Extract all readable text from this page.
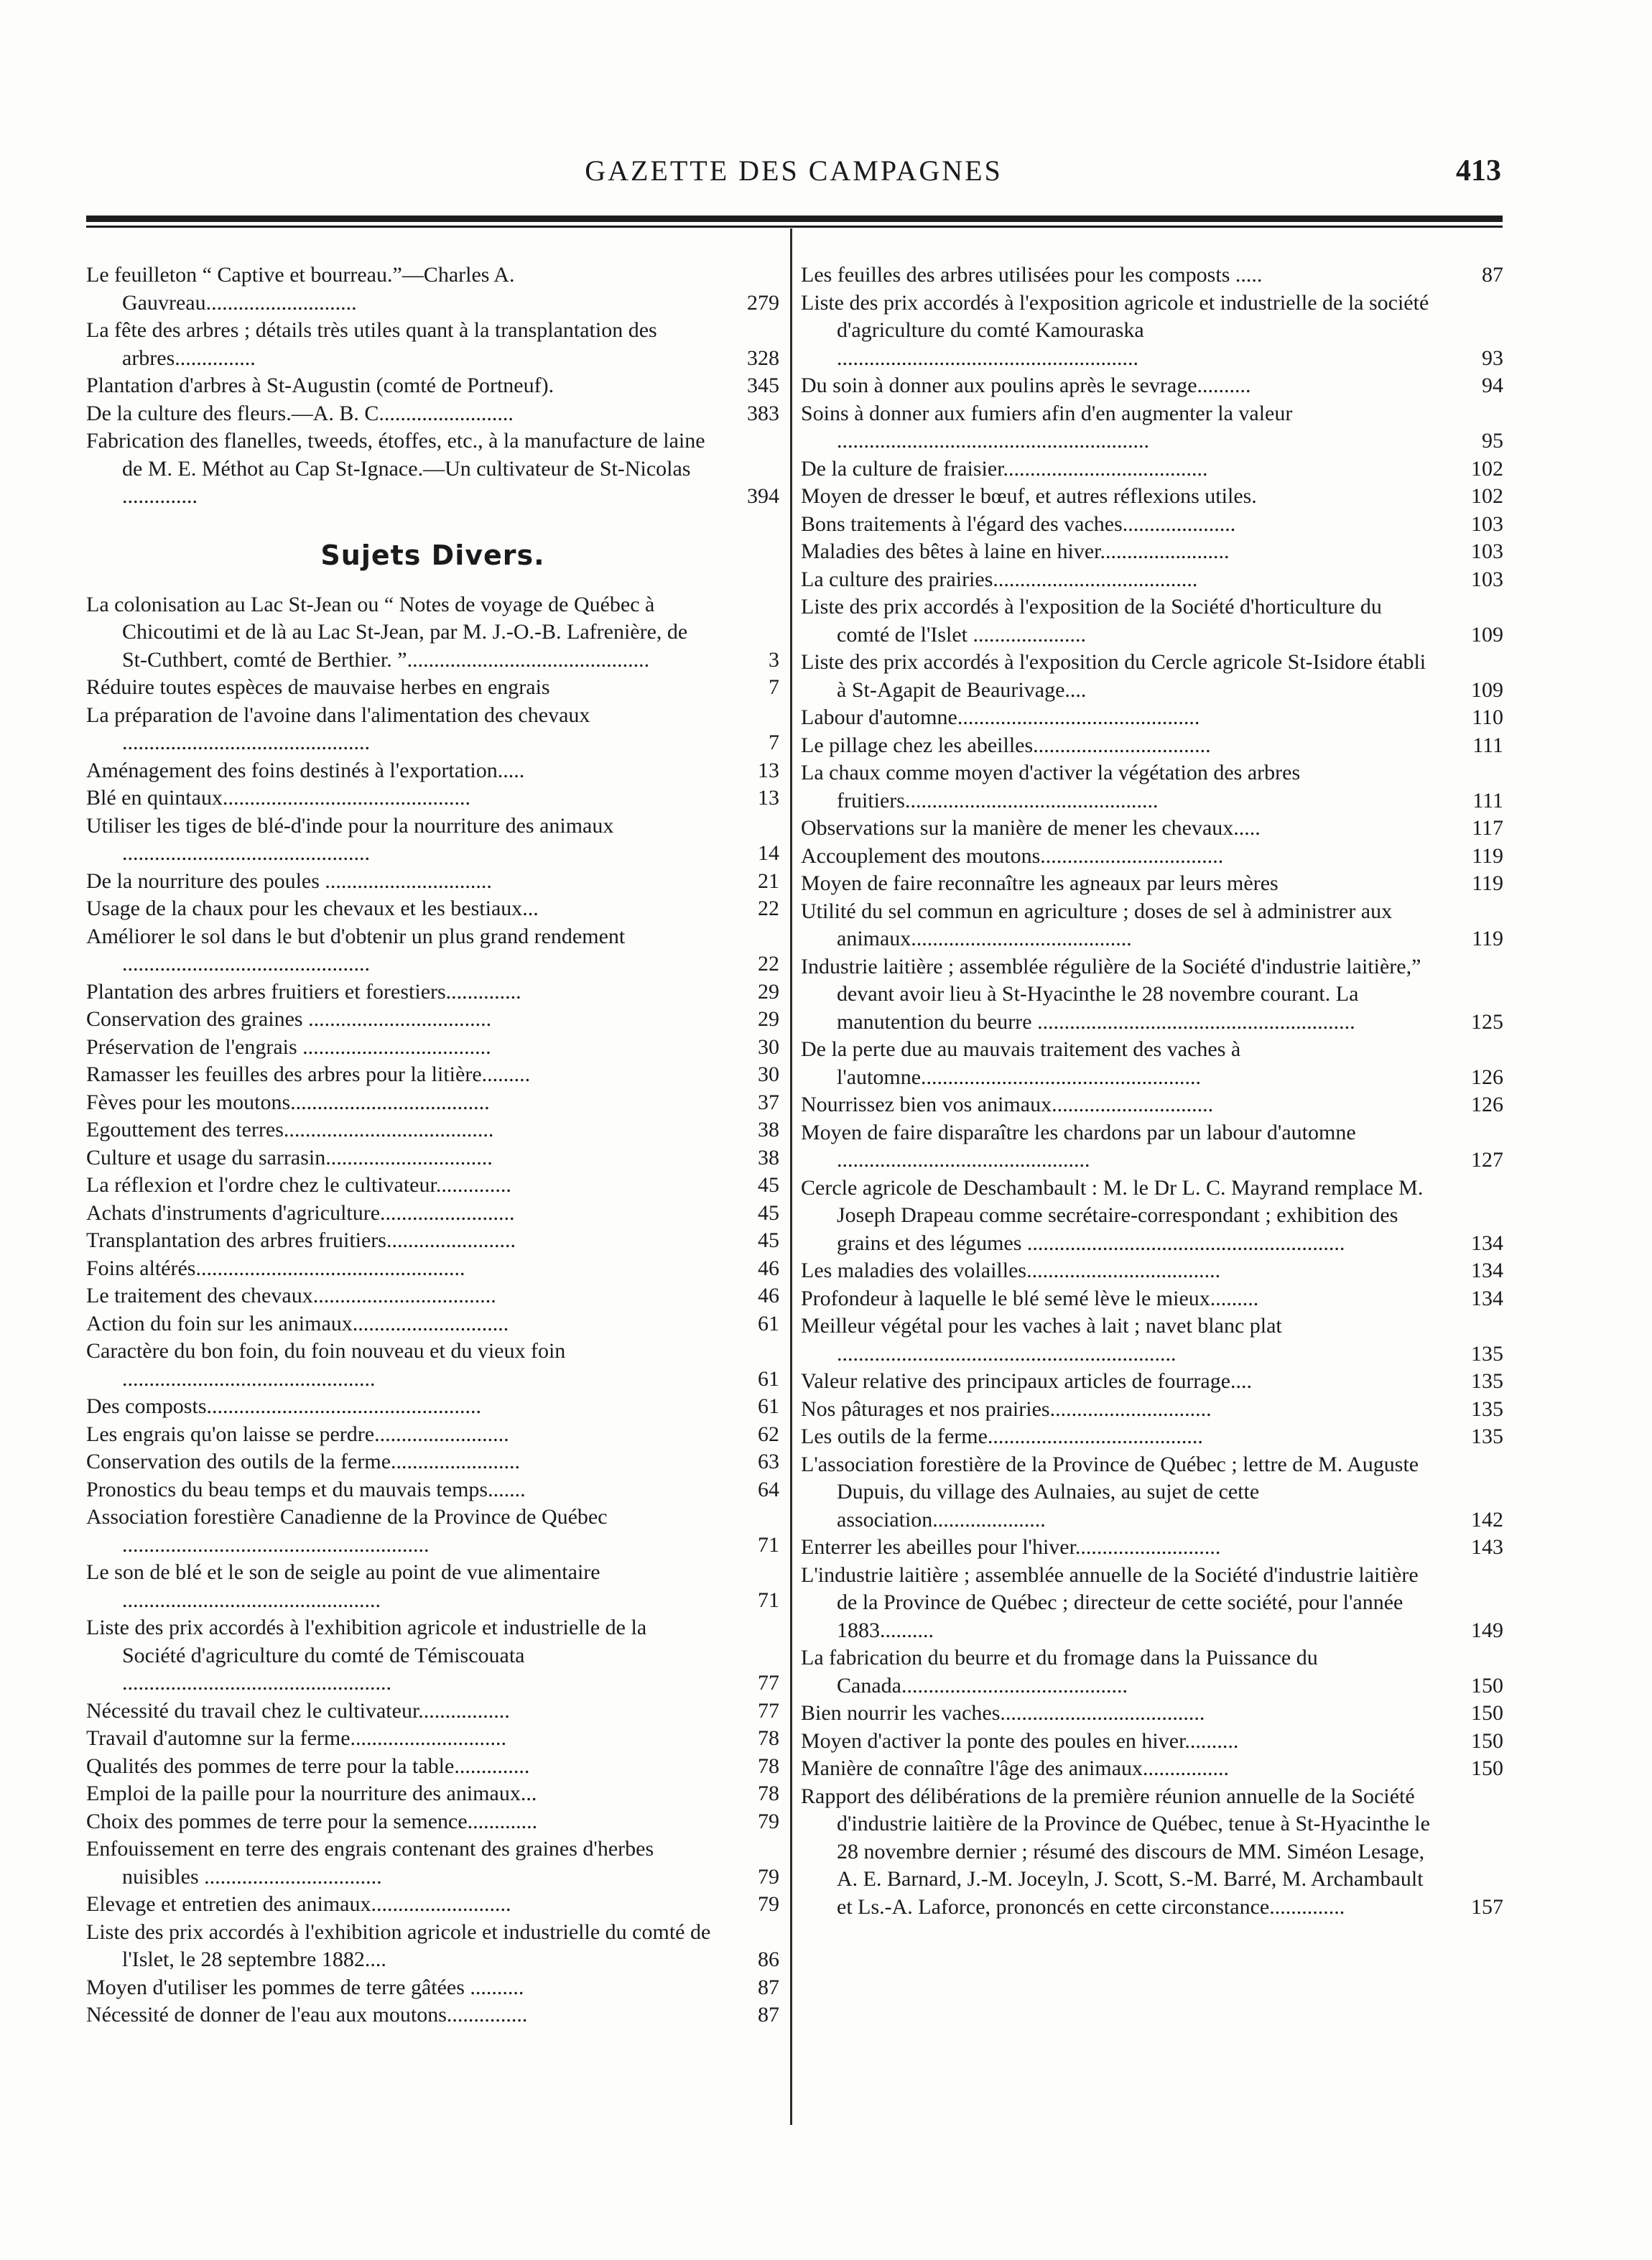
GAZETTE DES CAMPAGNES	413
Le feuilleton “ Captive et bourreau.”—Charles A. Gauvreau............................	279
La fête des arbres ; détails très utiles quant à la transplantation des arbres...............	328
Plantation d'arbres à St-Augustin (comté de Portneuf).	345
De la culture des fleurs.—A. B. C.........................	383
Fabrication des flanelles, tweeds, étoffes, etc., à la manufacture de laine de M. E. Méthot au Cap St-Ignace.—Un cultivateur de St-Nicolas ..............	394
Sujets Divers.
La colonisation au Lac St-Jean ou “ Notes de voyage de Québec à Chicoutimi et de là au Lac St-Jean, par M. J.-O.-B. Lafrenière, de St-Cuthbert, comté de Berthier. ”.............................................	3
Réduire toutes espèces de mauvaise herbes en engrais	7
La préparation de l'avoine dans l'alimentation des chevaux ..............................................	7
Aménagement des foins destinés à l'exportation.....	13
Blé en quintaux..............................................	13
Utiliser les tiges de blé-d'inde pour la nourriture des animaux ..............................................	14
De la nourriture des poules ...............................	21
Usage de la chaux pour les chevaux et les bestiaux...	22
Améliorer le sol dans le but d'obtenir un plus grand rendement ..............................................	22
Plantation des arbres fruitiers et forestiers..............	29
Conservation des graines ..................................	29
Préservation de l'engrais ...................................	30
Ramasser les feuilles des arbres pour la litière.........	30
Fèves pour les moutons.....................................	37
Egouttement des terres.......................................	38
Culture et usage du sarrasin...............................	38
La réflexion et l'ordre chez le cultivateur..............	45
Achats d'instruments d'agriculture.........................	45
Transplantation des arbres fruitiers........................	45
Foins altérés..................................................	46
Le traitement des chevaux..................................	46
Action du foin sur les animaux.............................	61
Caractère du bon foin, du foin nouveau et du vieux foin ...............................................	61
Des composts...................................................	61
Les engrais qu'on laisse se perdre.........................	62
Conservation des outils de la ferme........................	63
Pronostics du beau temps et du mauvais temps.......	64
Association forestière Canadienne de la Province de Québec .........................................................	71
Le son de blé et le son de seigle au point de vue alimentaire ................................................	71
Liste des prix accordés à l'exhibition agricole et industrielle de la Société d'agriculture du comté de Témiscouata ..................................................	77
Nécessité du travail chez le cultivateur.................	77
Travail d'automne sur la ferme.............................	78
Qualités des pommes de terre pour la table..............	78
Emploi de la paille pour la nourriture des animaux...	78
Choix des pommes de terre pour la semence.............	79
Enfouissement en terre des engrais contenant des graines d'herbes nuisibles .................................	79
Elevage et entretien des animaux..........................	79
Liste des prix accordés à l'exhibition agricole et industrielle du comté de l'Islet, le 28 septembre 1882....	86
Moyen d'utiliser les pommes de terre gâtées ..........	87
Nécessité de donner de l'eau aux moutons...............	87
Les feuilles des arbres utilisées pour les composts .....	87
Liste des prix accordés à l'exposition agricole et industrielle de la société d'agriculture du comté Kamouraska ........................................................	93
Du soin à donner aux poulins après le sevrage..........	94
Soins à donner aux fumiers afin d'en augmenter la valeur ..........................................................	95
De la culture de fraisier......................................	102
Moyen de dresser le bœuf, et autres réflexions utiles.	102
Bons traitements à l'égard des vaches.....................	103
Maladies des bêtes à laine en hiver........................	103
La culture des prairies......................................	103
Liste des prix accordés à l'exposition de la Société d'horticulture du comté de l'Islet .....................	109
Liste des prix accordés à l'exposition du Cercle agricole St-Isidore établi à St-Agapit de Beaurivage....	109
Labour d'automne.............................................	110
Le pillage chez les abeilles.................................	111
La chaux comme moyen d'activer la végétation des arbres fruitiers...............................................	111
Observations sur la manière de mener les chevaux.....	117
Accouplement des moutons..................................	119
Moyen de faire reconnaître les agneaux par leurs mères	119
Utilité du sel commun en agriculture ; doses de sel à administrer aux animaux.........................................	119
Industrie laitière ; assemblée régulière de la Société d'industrie laitière,” devant avoir lieu à St-Hyacinthe le 28 novembre courant. La manutention du beurre ...........................................................	125
De la perte due au mauvais traitement des vaches à l'automne....................................................	126
Nourrissez bien vos animaux..............................	126
Moyen de faire disparaître les chardons par un labour d'automne ...............................................	127
Cercle agricole de Deschambault : M. le Dr L. C. Mayrand remplace M. Joseph Drapeau comme secrétaire-correspondant ; exhibition des grains et des légumes ...........................................................	134
Les maladies des volailles....................................	134
Profondeur à laquelle le blé semé lève le mieux.........	134
Meilleur végétal pour les vaches à lait ; navet blanc plat ...............................................................	135
Valeur relative des principaux articles de fourrage....	135
Nos pâturages et nos prairies..............................	135
Les outils de la ferme........................................	135
L'association forestière de la Province de Québec ; lettre de M. Auguste Dupuis, du village des Aulnaies, au sujet de cette association.....................	142
Enterrer les abeilles pour l'hiver...........................	143
L'industrie laitière ; assemblée annuelle de la Société d'industrie laitière de la Province de Québec ; directeur de cette société, pour l'année 1883..........	149
La fabrication du beurre et du fromage dans la Puissance du Canada..........................................	150
Bien nourrir les vaches......................................	150
Moyen d'activer la ponte des poules en hiver..........	150
Manière de connaître l'âge des animaux................	150
Rapport des délibérations de la première réunion annuelle de la Société d'industrie laitière de la Province de Québec, tenue à St-Hyacinthe le 28 novembre dernier ; résumé des discours de MM. Siméon Lesage, A. E. Barnard, J.-M. Joceyln, J. Scott, S.-M. Barré, M. Archambault et Ls.-A. Laforce, prononcés en cette circonstance..............	157
